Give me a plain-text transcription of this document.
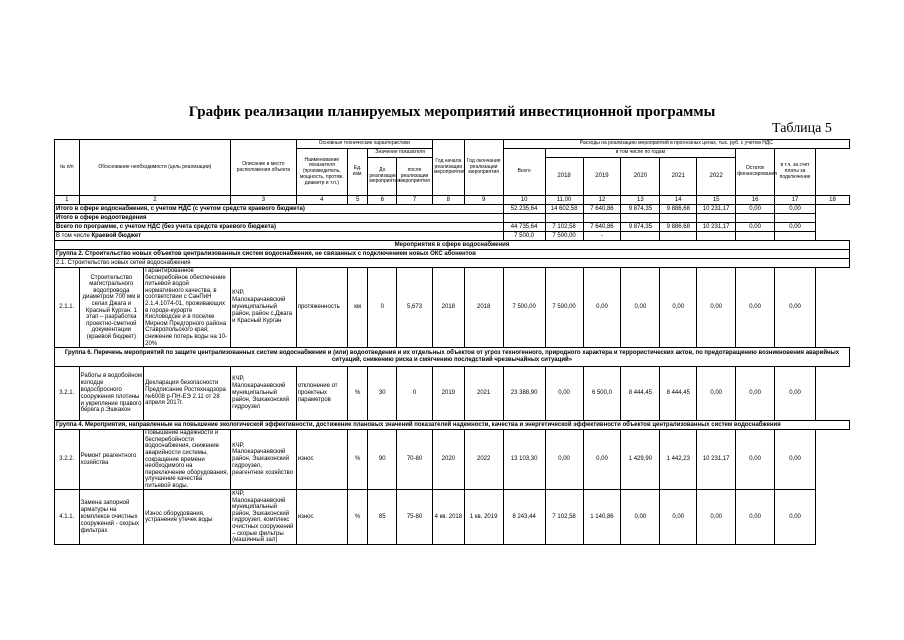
График реализации планируемых мероприятий инвестиционной программы
Таблица 5
№ п/п	Обоснование необходимости (цель реализации)		Описание и место расположения объекта	Основные технические характеристики				Год начала реализации мероприятия	Год окончания реализации мероприятия	Расходы на реализацию мероприятий в прогнозных ценах, тыс. руб. с учетом НДС								
				Наименование показателя (производитель, мощность, протяж. диаметр и т.п.)	Ед. изм.	Значение показателя				Всего	в том числе по годам					Остаток финансирования	в т.ч. за счет платы за подключение	
						До реализации мероприятия	после реализации мероприятия				2018	2019	2020	2021	2022			

1	2		3	4	5	6	7	8	9	10	11,00	12	13	14	15	16	17	18
Итого в сфере водоснабжения, с учетом НДС (с учетом средств краевого бюджета)										52 235,64	14 602,58	7 640,86	9 874,35	9 886,68	10 231,17	0,00	0,00	
Итого в сфере водоотведения																		
Всего по программе, с учетом НДС (без учета средств краевого бюджета)										44 735,64	7 102,58	7 640,86	9 874,35	9 886,68	10 231,17	0,00	0,00	
В том числе Краевой бюджет										7 500,0	7 500,00	-						
Мероприятия в сфере водоснабжения																		
Группа 2. Строительство новых объектов централизованных систем водоснабжения, не связанных с подключением новых ОКС абонентов																		
2.1. Строительство новых сетей водоснабжения																		
2.1.1.	Строительство магистрального водопровода диаметром 700 мм в селах Джага и Красный Курган. 1 этап – разработка проектно-сметной документации (краевой бюджет)	Гарантированное бесперебойное обеспечение питьевой водой нормативного качества, в соответствии с СанПиН 2.1.4.1074-01, проживающих в городе-курорте Кисловодске и в поселке Мирном Предгорного района Ставропольского края; снижение потерь воды на 10-20%	КЧР, Малокарачаевский муниципальный район, район с.Джага и Красный Курган	протяженность	км	0	5,673	2018	2018	7 500,00	7 500,00	0,00	0,00	0,00	0,00	0,00	0,00	
Группа 6. Перечень мероприятий по защите централизованных систем водоснабжения и (или) водоотведения и их отдельных объектов от угроз техногенного, природного характера и террористических актов, по предотвращению возникновения аварийных ситуаций, снижению риска и смягчению последствий чрезвычайных ситуаций»																		
3.2.1.	Работы в водобойном колодце водосбросного сооружения плотины и укрепление правого берега р.Эшкакон	Декларация безопасности Предписание Ростехнадзора №6008 р-ПН-ЕЭ 2.11 от 28 апреля 2017г.	КЧР, Малокарачаевский муниципальный район, Эшкаконский гидроузел	отклонение от проектных параметров	%	30	0	2019	2021	23 388,90	0,00	6 500,0	8 444,45	8 444,45	0,00	0,00	0,00	
Группа 4. Мероприятия, направленные на повышение экологической эффективности, достижение плановых значений показателей надежности, качества и энергетической эффективности объектов централизованных систем водоснабжения																		
3.2.2.	Ремонт реагентного хозяйства	Повышение надежности и бесперебойности водоснабжения, снижение аварийности системы, сокращение времени необходимого на переключение оборудования, улучшение качества питьевой воды.	КЧР, Малокарачаевский район, Эшкаконский гидроузел, реагентное хозяйство	износ	%	90	70-80	2020	2022	13 103,30	0,00	0,00	1 429,90	1 442,23	10 231,17	0,00	0,00	
4.1.1.	Замена запорной арматуры на комплексе очистных сооружений - скорых фильтрах	Износ оборудования, устранение утечек воды	КЧР, Малокарачаевский муниципальный район, Эшкаконский гидроузел, комплекс очистных сооружений – скорые фильтры (машинный зал)	износ	%	85	75-80	4 кв. 2018	1 кв. 2019	8 243,44	7 102,58	1 140,86	0,00	0,00	0,00	0,00	0,00	
